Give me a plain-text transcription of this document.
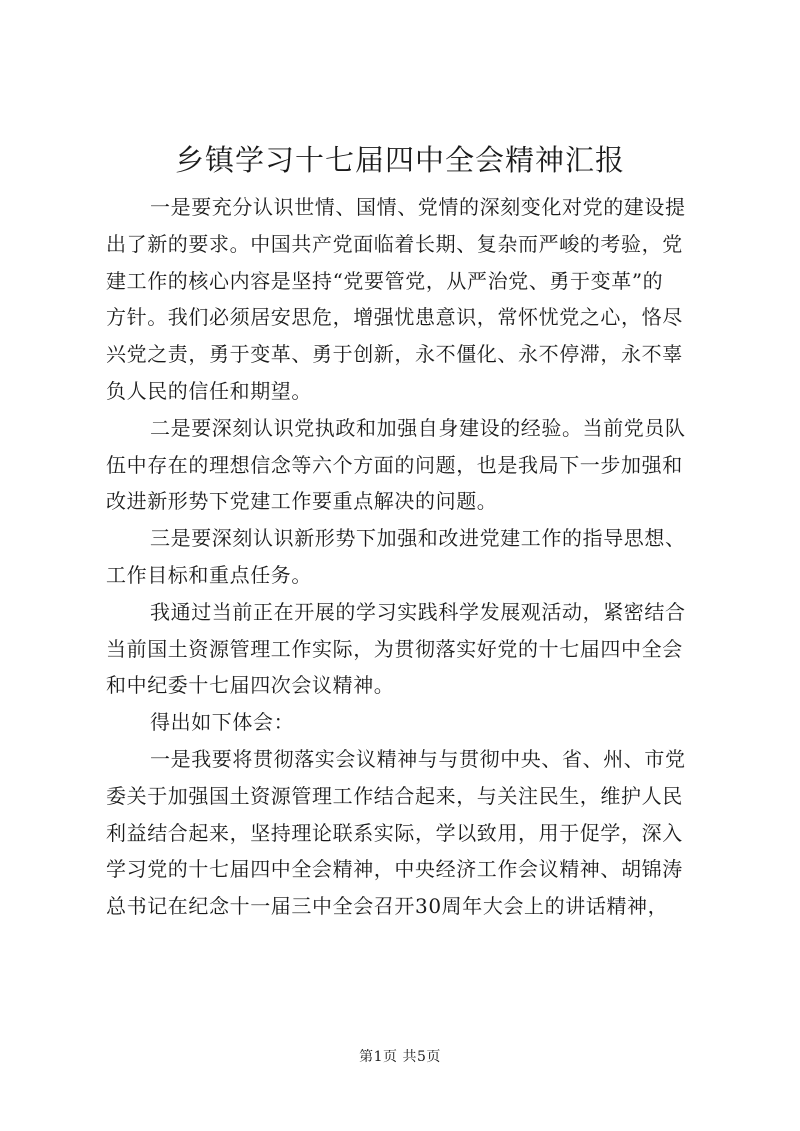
乡镇学习十七届四中全会精神汇报
一是要充分认识世情、国情、党情的深刻变化对党的建设提
出了新的要求。中国共产党面临着长期、复杂而严峻的考验，党
建工作的核心内容是坚持“党要管党，从严治党、勇于变革”的
方针。我们必须居安思危，增强忧患意识，常怀忧党之心，恪尽
兴党之责，勇于变革、勇于创新，永不僵化、永不停滞，永不辜
负人民的信任和期望。
二是要深刻认识党执政和加强自身建设的经验。当前党员队
伍中存在的理想信念等六个方面的问题，也是我局下一步加强和
改进新形势下党建工作要重点解决的问题。
三是要深刻认识新形势下加强和改进党建工作的指导思想、
工作目标和重点任务。
我通过当前正在开展的学习实践科学发展观活动，紧密结合
当前国土资源管理工作实际，为贯彻落实好党的十七届四中全会
和中纪委十七届四次会议精神。
得出如下体会：
一是我要将贯彻落实会议精神与与贯彻中央、省、州、市党
委关于加强国土资源管理工作结合起来，与关注民生，维护人民
利益结合起来，坚持理论联系实际，学以致用，用于促学，深入
学习党的十七届四中全会精神，中央经济工作会议精神、胡锦涛
总书记在纪念十一届三中全会召开30周年大会上的讲话精神，
第1页 共5页
